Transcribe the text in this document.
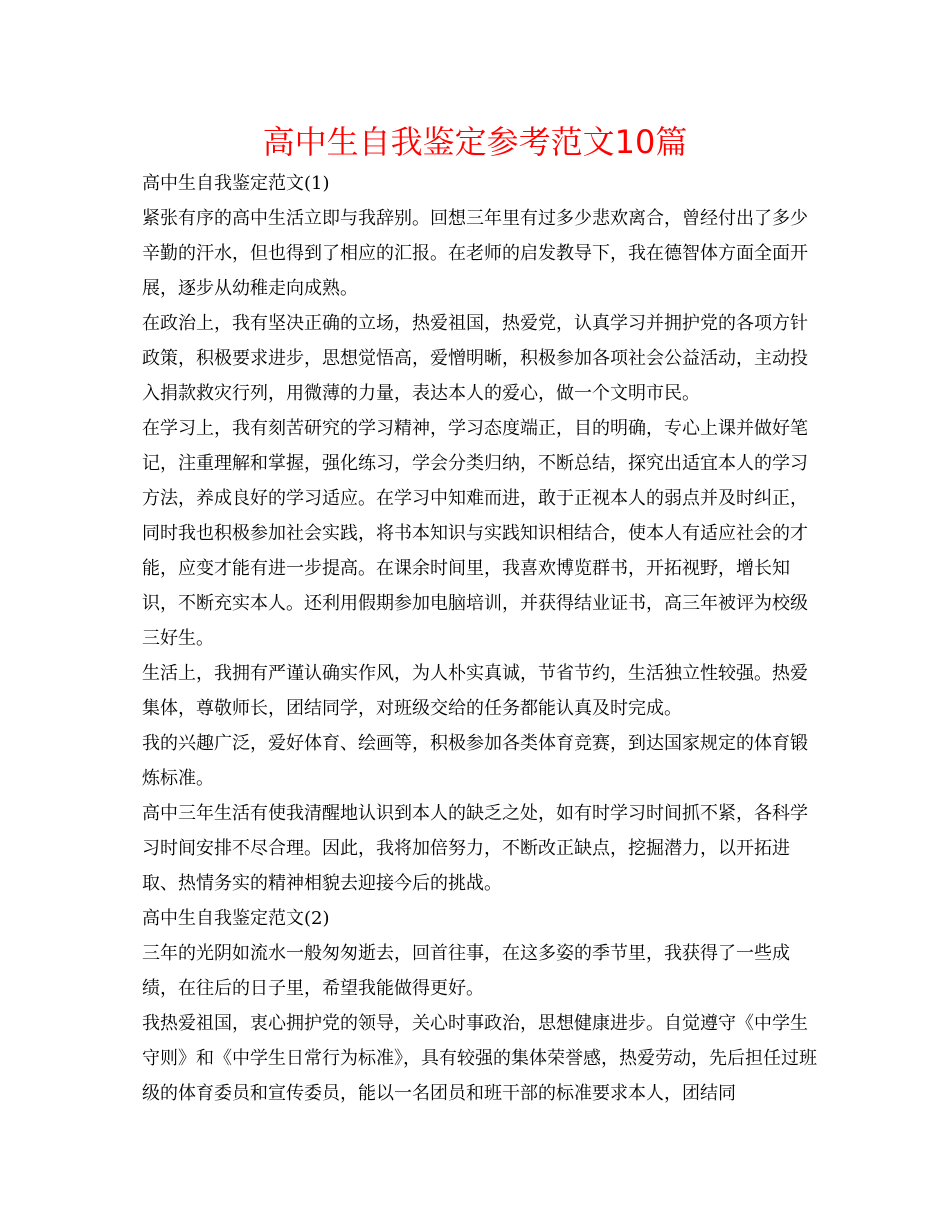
高中生自我鉴定参考范文10篇

高中生自我鉴定范文(1)

紧张有序的高中生活立即与我辞别。回想三年里有过多少悲欢离合，曾经付出了多少辛勤的汗水，但也得到了相应的汇报。在老师的启发教导下，我在德智体方面全面开展，逐步从幼稚走向成熟。

在政治上，我有坚决正确的立场，热爱祖国，热爱党，认真学习并拥护党的各项方针政策，积极要求进步，思想觉悟高，爱憎明晰，积极参加各项社会公益活动，主动投入捐款救灾行列，用微薄的力量，表达本人的爱心，做一个文明市民。

在学习上，我有刻苦研究的学习精神，学习态度端正，目的明确，专心上课并做好笔记，注重理解和掌握，强化练习，学会分类归纳，不断总结，探究出适宜本人的学习方法，养成良好的学习适应。在学习中知难而进，敢于正视本人的弱点并及时纠正，同时我也积极参加社会实践，将书本知识与实践知识相结合，使本人有适应社会的才能，应变才能有进一步提高。在课余时间里，我喜欢博览群书，开拓视野，增长知识，不断充实本人。还利用假期参加电脑培训，并获得结业证书，高三年被评为校级三好生。

生活上，我拥有严谨认确实作风，为人朴实真诚，节省节约，生活独立性较强。热爱集体，尊敬师长，团结同学，对班级交给的任务都能认真及时完成。

我的兴趣广泛，爱好体育、绘画等，积极参加各类体育竞赛，到达国家规定的体育锻炼标准。

高中三年生活有使我清醒地认识到本人的缺乏之处，如有时学习时间抓不紧，各科学习时间安排不尽合理。因此，我将加倍努力，不断改正缺点，挖掘潜力，以开拓进取、热情务实的精神相貌去迎接今后的挑战。

高中生自我鉴定范文(2)

三年的光阴如流水一般匆匆逝去，回首往事，在这多姿的季节里，我获得了一些成绩，在往后的日子里，希望我能做得更好。

我热爱祖国，衷心拥护党的领导，关心时事政治，思想健康进步。自觉遵守《中学生守则》和《中学生日常行为标准》，具有较强的集体荣誉感，热爱劳动，先后担任过班级的体育委员和宣传委员，能以一名团员和班干部的标准要求本人，团结同
